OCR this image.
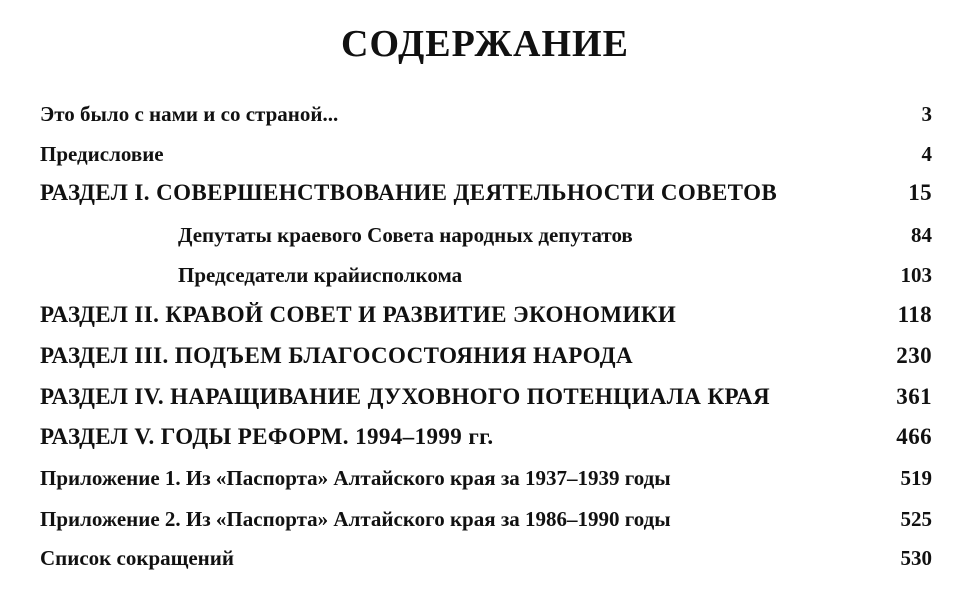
СОДЕРЖАНИЕ
Это было с нами и со страной...	3
Предисловие	4
РАЗДЕЛ I. СОВЕРШЕНСТВОВАНИЕ ДЕЯТЕЛЬНОСТИ СОВЕТОВ	15
Депутаты краевого Совета народных депутатов	84
Председатели крайисполкома	103
РАЗДЕЛ II. КРАВОЙ СОВЕТ И РАЗВИТИЕ ЭКОНОМИКИ	118
РАЗДЕЛ III. ПОДЪЕМ БЛАГОСОСТОЯНИЯ НАРОДА	230
РАЗДЕЛ IV. НАРАЩИВАНИЕ ДУХОВНОГО ПОТЕНЦИАЛА КРАЯ	361
РАЗДЕЛ V. ГОДЫ РЕФОРМ. 1994–1999 гг.	466
Приложение 1. Из «Паспорта» Алтайского края за 1937–1939 годы	519
Приложение 2. Из «Паспорта» Алтайского края за 1986–1990 годы	525
Список сокращений	530
